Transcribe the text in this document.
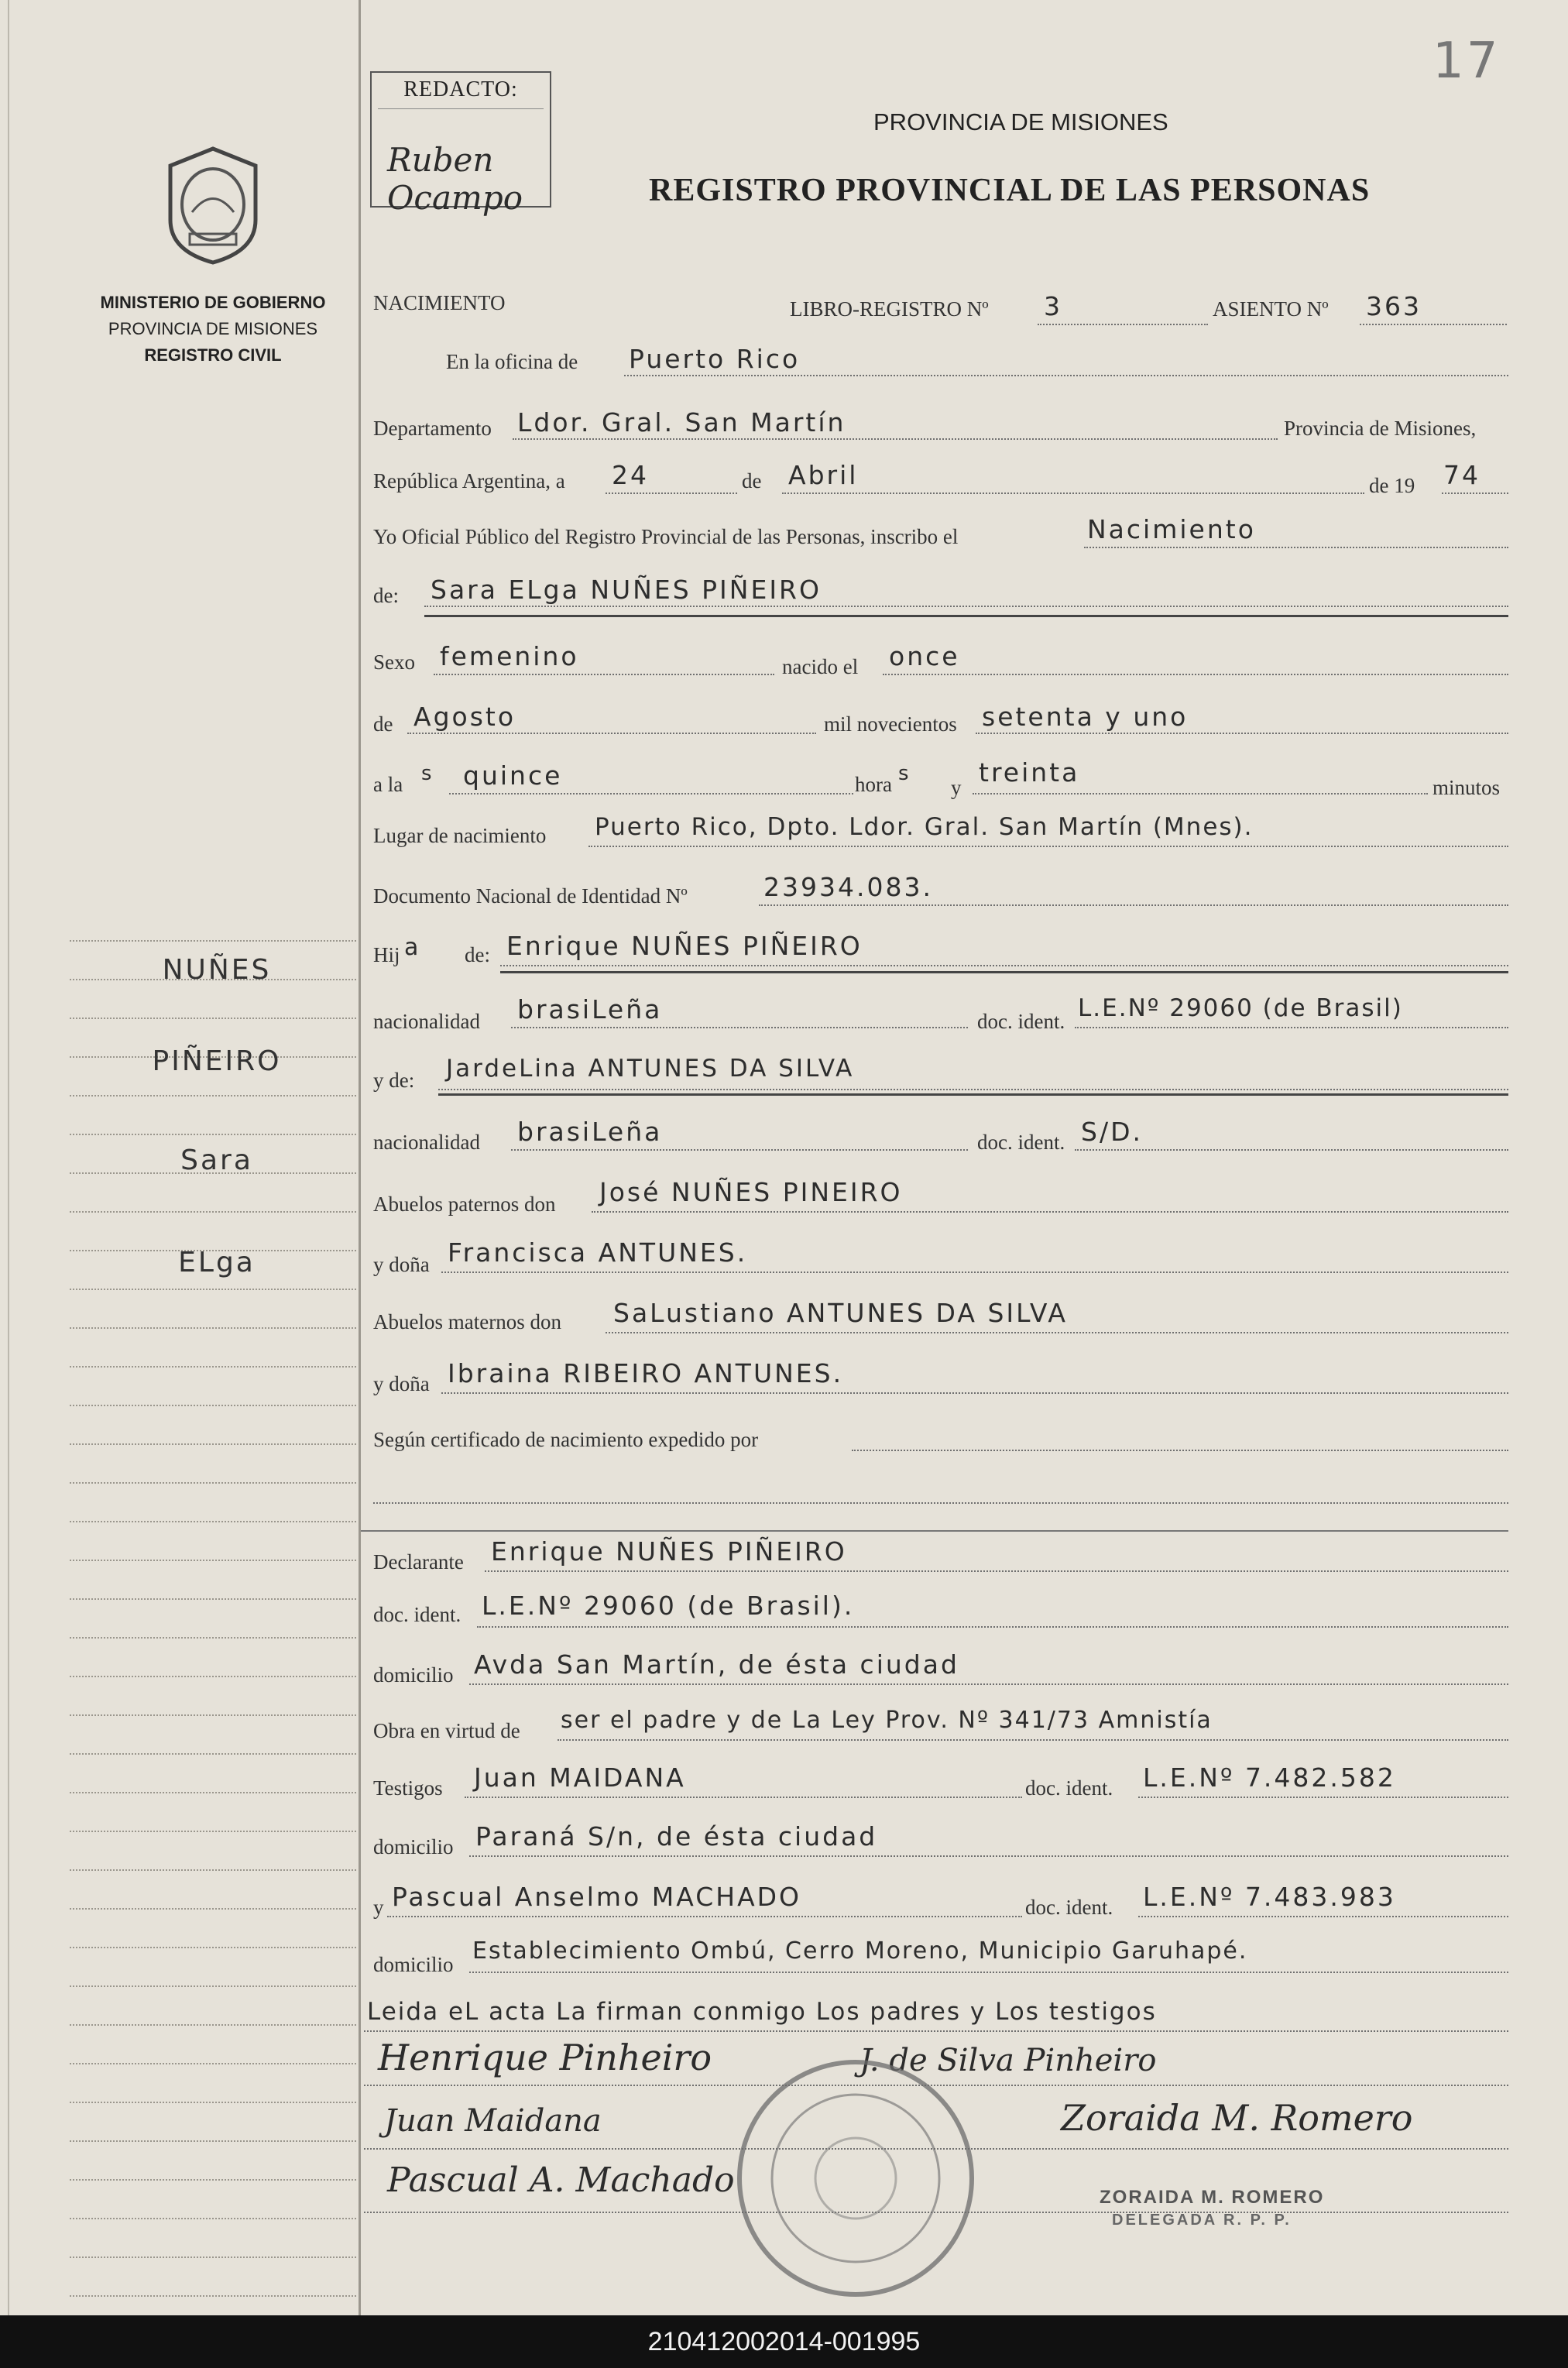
17
REDACTO:
Ruben Ocampo
MINISTERIO DE GOBIERNO
PROVINCIA DE MISIONES
REGISTRO CIVIL
NUÑES
PIÑEIRO
Sara
ELga
PROVINCIA DE MISIONES
REGISTRO PROVINCIAL DE LAS PERSONAS
NACIMIENTO	LIBRO-REGISTRO Nº 3	ASIENTO Nº 363
En la oficina de Puerto Rico
Departamento Ldor. Gral. San Martín	Provincia de Misiones,
República Argentina, a 24	de Abril	de 19 74
Yo Oficial Público del Registro Provincial de las Personas, inscribo el	Nacimiento
de: Sara ELga NUÑES PIÑEIRO
Sexo femenino	nacido el once
de Agosto	mil novecientos setenta y uno
a la s quince	hora s
y treinta	minutos
Lugar de nacimiento Puerto Rico, Dpto. Ldor. Gral. San Martín (Mnes).
Documento Nacional de Identidad Nº	23934.083.
Hij a de: Enrique NUÑES PIÑEIRO
nacionalidad brasiLeña	doc. ident. L.E.Nº 29060 (de Brasil)
y de: JardeLina ANTUNES DA SILVA
nacionalidad brasiLeña	doc. ident. S/D.
Abuelos paternos don José NUÑES PINEIRO
y doña Francisca ANTUNES.
Abuelos maternos don SaLustiano ANTUNES DA SILVA
y doña Ibraina RIBEIRO ANTUNES.
Según certificado de nacimiento expedido por
Declarante Enrique NUÑES PIÑEIRO
doc. ident. L.E.Nº 29060 (de Brasil).
domicilio Avda San Martín, de ésta ciudad
Obra en virtud de ser el padre y de La Ley Prov. Nº 341/73 Amnistía
Testigos Juan MAIDANA	doc. ident. L.E.Nº 7.482.582
domicilio Paraná S/n, de ésta ciudad
y Pascual Anselmo MACHADO	doc. ident. L.E.Nº 7.483.983
domicilio Establecimiento Ombú, Cerro Moreno, Municipio Garuhapé.
Leida eL acta La firman conmigo Los padres y Los testigos
Henrique Pinheiro	J. de Silva Pinheiro
Juan Maidana	Zoraida M. Romero
Pascual A. Machado	ZORAIDA M. ROMERO
DELEGADA R. P. P.
210412002014-001995
